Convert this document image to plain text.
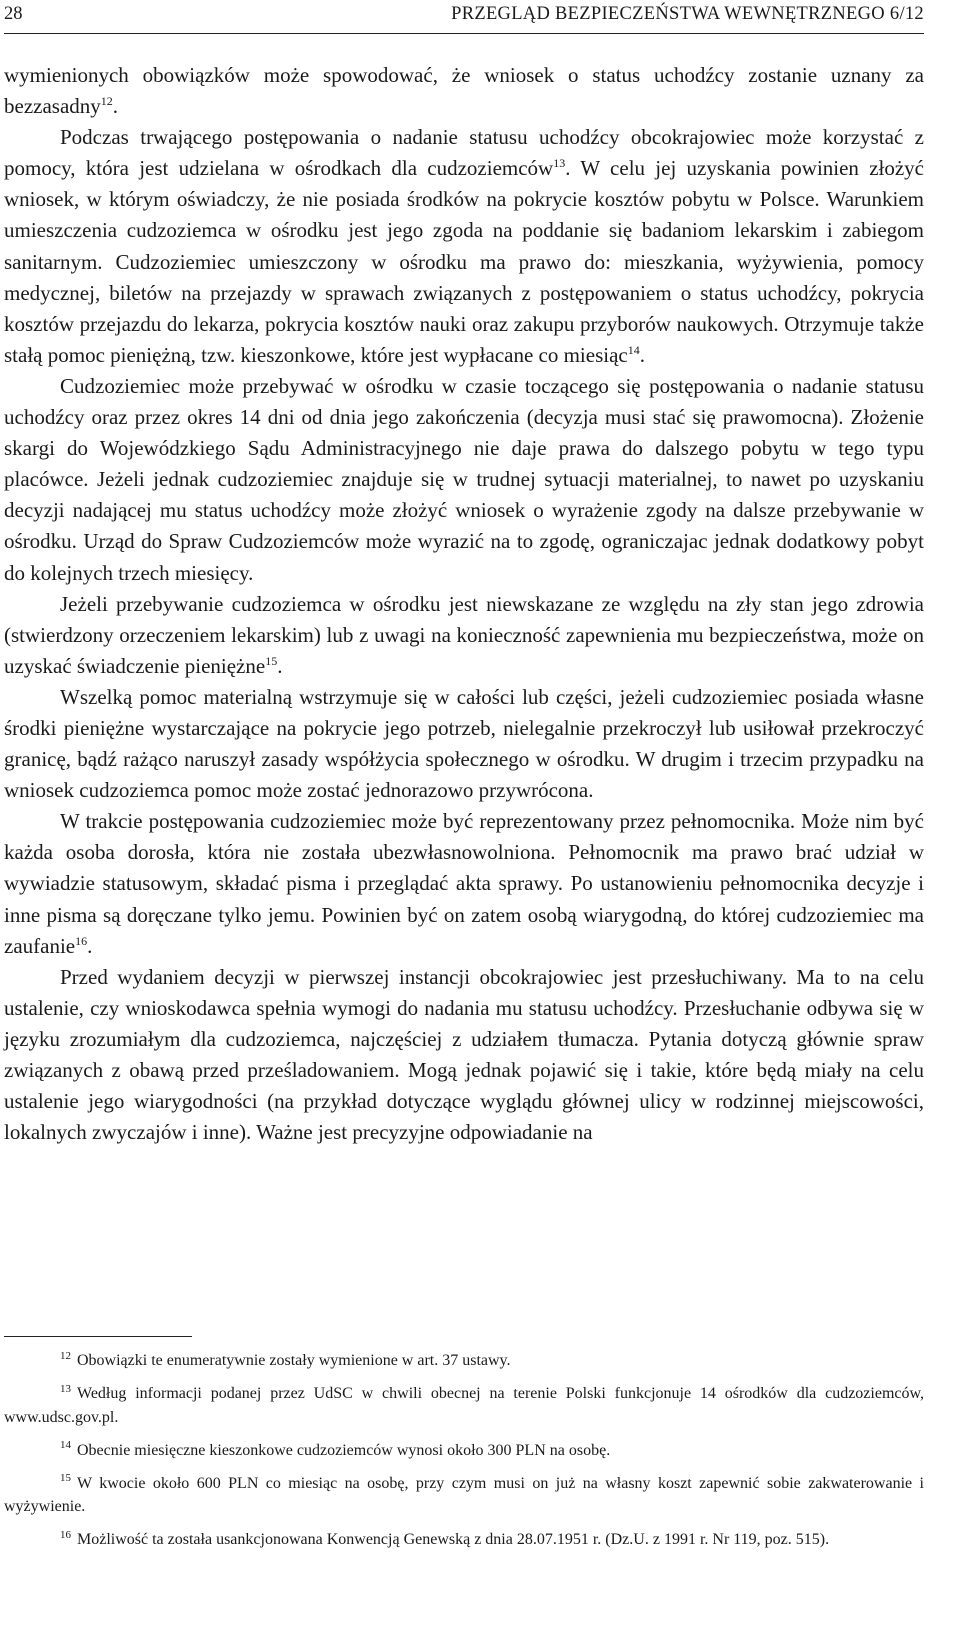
28	PRZEGLĄD BEZPIECZEŃSTWA WEWNĘTRZNEGO 6/12

wymienionych obowiązków może spowodować, że wniosek o status uchodźcy zostanie uznany za bezzasadny$^{12}$.

Podczas trwającego postępowania o nadanie statusu uchodźcy obcokrajowiec może korzystać z pomocy, która jest udzielana w ośrodkach dla cudzoziemców$^{13}$. W celu jej uzyskania powinien złożyć wniosek, w którym oświadczy, że nie posiada środków na pokrycie kosztów pobytu w Polsce. Warunkiem umieszczenia cudzoziemca w ośrodku jest jego zgoda na poddanie się badaniom lekarskim i zabiegom sanitarnym. Cudzoziemiec umieszczony w ośrodku ma prawo do: mieszkania, wyżywienia, pomocy medycznej, biletów na przejazdy w sprawach związanych z postępowaniem o status uchodźcy, pokrycia kosztów przejazdu do lekarza, pokrycia kosztów nauki oraz zakupu przyborów naukowych. Otrzymuje także stałą pomoc pieniężną, tzw. kieszonkowe, które jest wypłacane co miesiąc$^{14}$.

Cudzoziemiec może przebywać w ośrodku w czasie toczącego się postępowania o nadanie statusu uchodźcy oraz przez okres 14 dni od dnia jego zakończenia (decyzja musi stać się prawomocna). Złożenie skargi do Wojewódzkiego Sądu Administracyjnego nie daje prawa do dalszego pobytu w tego typu placówce. Jeżeli jednak cudzoziemiec znajduje się w trudnej sytuacji materialnej, to nawet po uzyskaniu decyzji nadającej mu status uchodźcy może złożyć wniosek o wyrażenie zgody na dalsze przebywanie w ośrodku. Urząd do Spraw Cudzoziemców może wyrazić na to zgodę, ograniczajac jednak dodatkowy pobyt do kolejnych trzech miesięcy.

Jeżeli przebywanie cudzoziemca w ośrodku jest niewskazane ze względu na zły stan jego zdrowia (stwierdzony orzeczeniem lekarskim) lub z uwagi na konieczność zapewnienia mu bezpieczeństwa, może on uzyskać świadczenie pieniężne$^{15}$.

Wszelką pomoc materialną wstrzymuje się w całości lub części, jeżeli cudzoziemiec posiada własne środki pieniężne wystarczające na pokrycie jego potrzeb, nielegalnie przekroczył lub usiłował przekroczyć granicę, bądź rażąco naruszył zasady współżycia społecznego w ośrodku. W drugim i trzecim przypadku na wniosek cudzoziemca pomoc może zostać jednorazowo przywrócona.

W trakcie postępowania cudzoziemiec może być reprezentowany przez pełnomocnika. Może nim być każda osoba dorosła, która nie została ubezwłasnowolniona. Pełnomocnik ma prawo brać udział w wywiadzie statusowym, składać pisma i przeglądać akta sprawy. Po ustanowieniu pełnomocnika decyzje i inne pisma są doręczane tylko jemu. Powinien być on zatem osobą wiarygodną, do której cudzoziemiec ma zaufanie$^{16}$.

Przed wydaniem decyzji w pierwszej instancji obcokrajowiec jest przesłuchiwany. Ma to na celu ustalenie, czy wnioskodawca spełnia wymogi do nadania mu statusu uchodźcy. Przesłuchanie odbywa się w języku zrozumiałym dla cudzoziemca, najczęściej z udziałem tłumacza. Pytania dotyczą głównie spraw związanych z obawą przed prześladowaniem. Mogą jednak pojawić się i takie, które będą miały na celu ustalenie jego wiarygodności (na przykład dotyczące wyglądu głównej ulicy w rodzinnej miejscowości, lokalnych zwyczajów i inne). Ważne jest precyzyjne odpowiadanie na

$^{12}$ Obowiązki te enumeratywnie zostały wymienione w art. 37 ustawy.

$^{13}$ Według informacji podanej przez UdSC w chwili obecnej na terenie Polski funkcjonuje 14 ośrodków dla cudzoziemców, www.udsc.gov.pl.

$^{14}$ Obecnie miesięczne kieszonkowe cudzoziemców wynosi około 300 PLN na osobę.

$^{15}$ W kwocie około 600 PLN co miesiąc na osobę, przy czym musi on już na własny koszt zapewnić sobie zakwaterowanie i wyżywienie.

$^{16}$ Możliwość ta została usankcjonowana Konwencją Genewską z dnia 28.07.1951 r. (Dz.U. z 1991 r. Nr 119, poz. 515).
